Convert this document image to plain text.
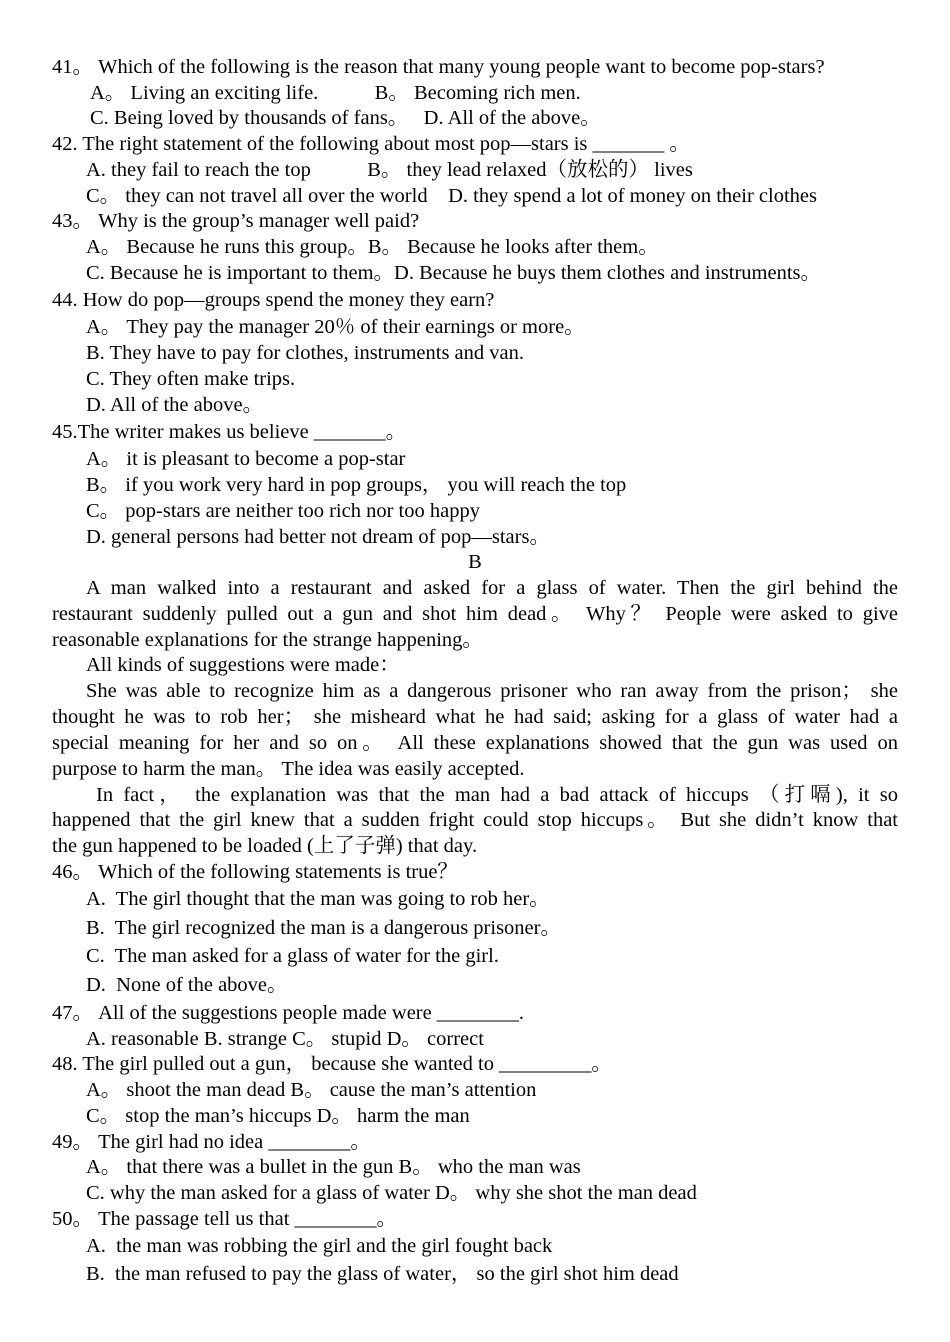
41。 Which of the following is the reason that many young people want to become pop-stars?
A。 Living an exciting life.           B。 Becoming rich men.
C. Being loved by thousands of fans。   D. All of the above。
42. The right statement of the following about most pop—stars is _______ 。
A. they fail to reach the top           B。 they lead relaxed（放松的） lives
C。 they can not travel all over the world    D. they spend a lot of money on their clothes
43。 Why is the group’s manager well paid?
A。 Because he runs this group。B。 Because he looks after them。
C. Because he is important to them。D. Because he buys them clothes and instruments。
44. How do pop—groups spend the money they earn?
A。 They pay the manager 20％ of their earnings or more。
B. They have to pay for clothes, instruments and van.
C. They often make trips.
D. All of the above。
45.The writer makes us believe _______。
A。 it is pleasant to become a pop-star
B。 if you work very hard in pop groups， you will reach the top
C。 pop-stars are neither too rich nor too happy
D. general persons had better not dream of pop—stars。
B
A man walked into a restaurant and asked for a glass of water. Then the girl behind the
restaurant suddenly pulled out a gun and shot him dead。 Why？ People were asked to give
reasonable explanations for the strange happening。
All kinds of suggestions were made：
She was able to recognize him as a dangerous prisoner who ran away from the prison； she
thought he was to rob her； she misheard what he had said; asking for a glass of water had a
special meaning for her and so on。 All these explanations showed that the gun was used on
purpose to harm the man。 The idea was easily accepted.
In fact， the explanation was that the man had a bad attack of hiccups （打嗝), it so
happened that the girl knew that a sudden fright could stop hiccups。 But she didn’t know that
the gun happened to be loaded (上了子弹) that day.
46。 Which of the following statements is true？
A.  The girl thought that the man was going to rob her。
B.  The girl recognized the man is a dangerous prisoner。
C.  The man asked for a glass of water for the girl.
D.  None of the above。
47。 All of the suggestions people made were ________.
A. reasonable B. strange C。 stupid D。 correct
48. The girl pulled out a gun， because she wanted to _________。
A。 shoot the man dead B。 cause the man’s attention
C。 stop the man’s hiccups D。 harm the man
49。 The girl had no idea ________。
A。 that there was a bullet in the gun B。 who the man was
C. why the man asked for a glass of water D。 why she shot the man dead
50。 The passage tell us that ________。
A.  the man was robbing the girl and the girl fought back
B.  the man refused to pay the glass of water， so the girl shot him dead
